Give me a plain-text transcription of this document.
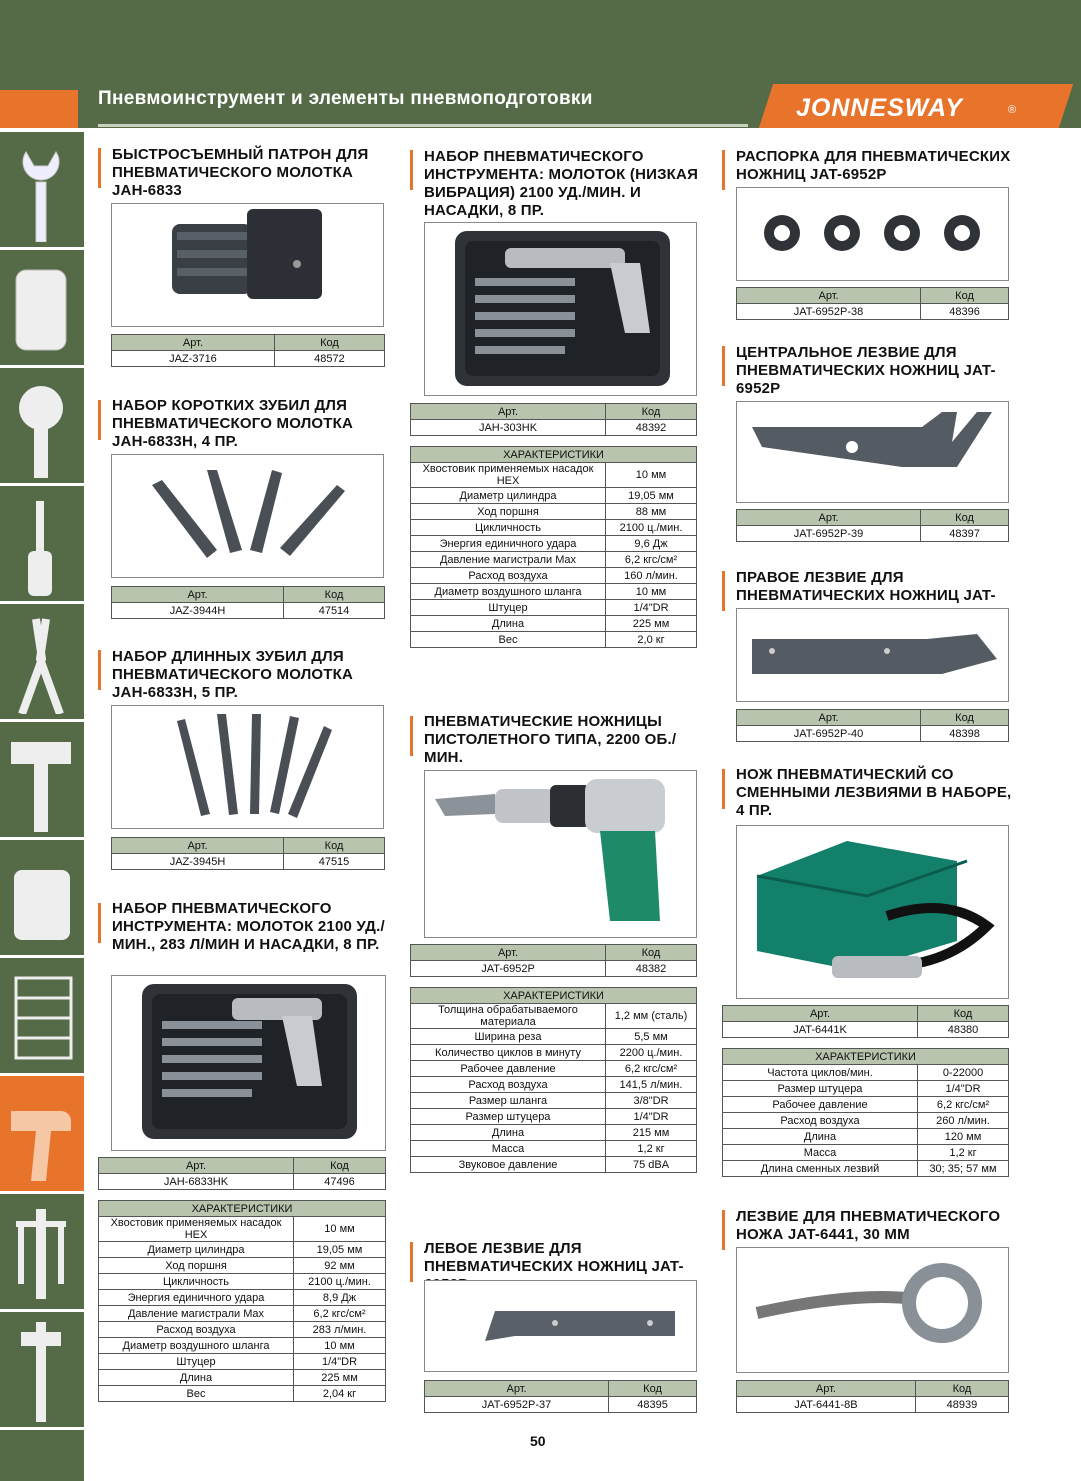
Пневмоинструмент и элементы пневмоподготовки	JONNESWAY	®
БЫСТРОСЪЕМНЫЙ ПАТРОН ДЛЯ ПНЕВМАТИЧЕСКОГО МОЛОТКА JAH-6833
Арт.	Код
JAZ-3716	48572
НАБОР КОРОТКИХ ЗУБИЛ ДЛЯ ПНЕВМАТИЧЕСКОГО МОЛОТКА JAH-6833H, 4 ПР.
Арт.	Код
JAZ-3944H	47514
НАБОР ДЛИННЫХ ЗУБИЛ ДЛЯ ПНЕВМАТИЧЕСКОГО МОЛОТКА JAH-6833H, 5 ПР.
Арт.	Код
JAZ-3945H	47515
НАБОР ПНЕВМАТИЧЕСКОГО ИНСТРУМЕНТА: МОЛОТОК 2100 УД./МИН., 283 Л/МИН И НАСАДКИ, 8 ПР.
Арт.	Код
JAH-6833HK	47496
ХАРАКТЕРИСТИКИ	
Хвостовик применяемых насадок HEX	10 мм
Диаметр цилиндра	19,05 мм
Ход поршня	92 мм
Цикличность	2100 ц./мин.
Энергия единичного удара	8,9 Дж
Давление магистрали Max	6,2 кгс/см²
Расход воздуха	283 л/мин.
Диаметр воздушного шланга	10 мм
Штуцер	1/4"DR
Длина	225 мм
Вес	2,04 кг
НАБОР ПНЕВМАТИЧЕСКОГО ИНСТРУМЕНТА: МОЛОТОК (НИЗКАЯ ВИБРАЦИЯ) 2100 УД./МИН. И НАСАДКИ, 8 ПР.
Арт.	Код
JAH-303HK	48392
ХАРАКТЕРИСТИКИ	
Хвостовик применяемых насадок HEX	10 мм
Диаметр цилиндра	19,05 мм
Ход поршня	88 мм
Цикличность	2100 ц./мин.
Энергия единичного удара	9,6 Дж
Давление магистрали Max	6,2 кгс/см²
Расход воздуха	160 л/мин.
Диаметр воздушного шланга	10 мм
Штуцер	1/4"DR
Длина	225 мм
Вес	2,0 кг
ПНЕВМАТИЧЕСКИЕ НОЖНИЦЫ ПИСТОЛЕТНОГО ТИПА, 2200 ОБ./МИН.
Арт.	Код
JAT-6952P	48382
ХАРАКТЕРИСТИКИ	
Толщина обрабатываемого материала	1,2 мм (сталь)
Ширина реза	5,5 мм
Количество циклов в минуту	2200 ц./мин.
Рабочее давление	6,2 кгс/см²
Расход воздуха	141,5 л/мин.
Размер шланга	3/8"DR
Размер штуцера	1/4"DR
Длина	215 мм
Масса	1,2 кг
Звуковое давление	75 dBA
ЛЕВОЕ ЛЕЗВИЕ ДЛЯ ПНЕВМАТИЧЕСКИХ НОЖНИЦ JAT-
Арт.	Код
JAT-6952P-37	48395
РАСПОРКА ДЛЯ ПНЕВМАТИЧЕСКИХ НОЖНИЦ JAT-6952P
Арт.	Код
JAT-6952P-38	48396
ЦЕНТРАЛЬНОЕ ЛЕЗВИЕ ДЛЯ ПНЕВМАТИЧЕСКИХ НОЖНИЦ JAT-6952P
Арт.	Код
JAT-6952P-39	48397
ПРАВОЕ ЛЕЗВИЕ ДЛЯ ПНЕВМАТИЧЕСКИХ НОЖНИЦ JAT-
Арт.	Код
JAT-6952P-40	48398
НОЖ ПНЕВМАТИЧЕСКИЙ СО СМЕННЫМИ ЛЕЗВИЯМИ В НАБОРЕ, 4 ПР.
Арт.	Код
JAT-6441K	48380
ХАРАКТЕРИСТИКИ	
Частота циклов/мин.	0-22000
Размер штуцера	1/4"DR
Рабочее давление	6,2 кгс/см²
Расход воздуха	260 л/мин.
Длина	120 мм
Масса	1,2 кг
Длина сменных лезвий	30; 35; 57 мм
ЛЕЗВИЕ ДЛЯ ПНЕВМАТИЧЕСКОГО НОЖА JAT-6441, 30 ММ
Арт.	Код
JAT-6441-8B	48939
50
